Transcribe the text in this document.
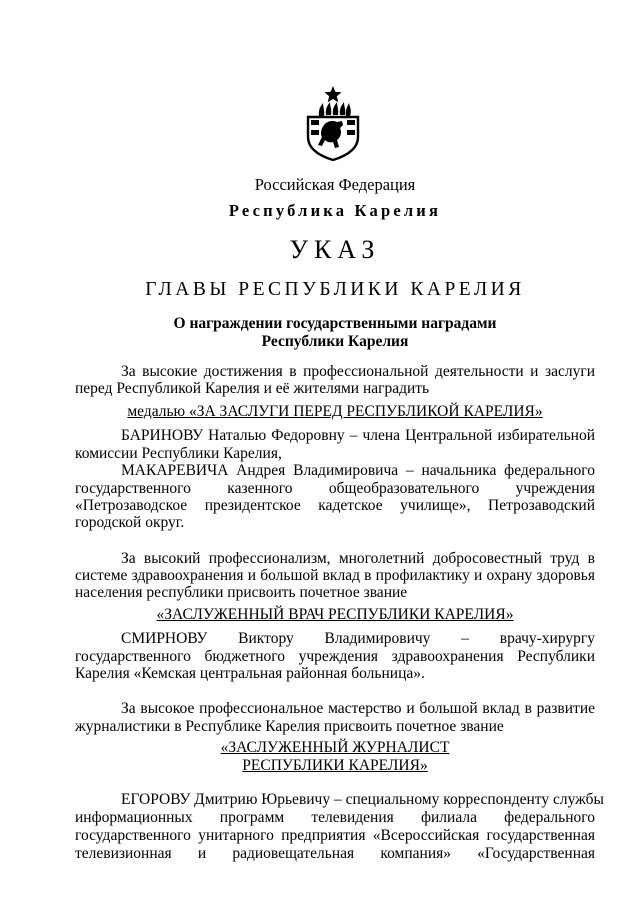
Российская Федерация
Республика Карелия
УКАЗ
ГЛАВЫ РЕСПУБЛИКИ КАРЕЛИЯ
О награждении государственными наградами
Республики Карелия
За высокие достижения в профессиональной деятельности и заслуги
перед Республикой Карелия и её жителями наградить
медалью «ЗА ЗАСЛУГИ ПЕРЕД РЕСПУБЛИКОЙ КАРЕЛИЯ»
БАРИНОВУ Наталью Федоровну – члена Центральной избирательной
комиссии Республики Карелия,
МАКАРЕВИЧА Андрея Владимировича – начальника федерального
государственного казенного общеобразовательного учреждения
«Петрозаводское президентское кадетское училище», Петрозаводский
городской округ.
За высокий профессионализм, многолетний добросовестный труд в
системе здравоохранения и большой вклад в профилактику и охрану здоровья
населения республики присвоить почетное звание
«ЗАСЛУЖЕННЫЙ ВРАЧ РЕСПУБЛИКИ КАРЕЛИЯ»
СМИРНОВУ Виктору Владимировичу – врачу-хирургу
государственного бюджетного учреждения здравоохранения Республики
Карелия «Кемская центральная районная больница».
За высокое профессиональное мастерство и большой вклад в развитие
журналистики в Республике Карелия присвоить почетное звание
«ЗАСЛУЖЕННЫЙ ЖУРНАЛИСТ
РЕСПУБЛИКИ КАРЕЛИЯ»
ЕГОРОВУ Дмитрию Юрьевичу – специальному корреспонденту службы
информационных программ телевидения филиала федерального
государственного унитарного предприятия «Всероссийская государственная
телевизионная и радиовещательная компания» «Государственная
